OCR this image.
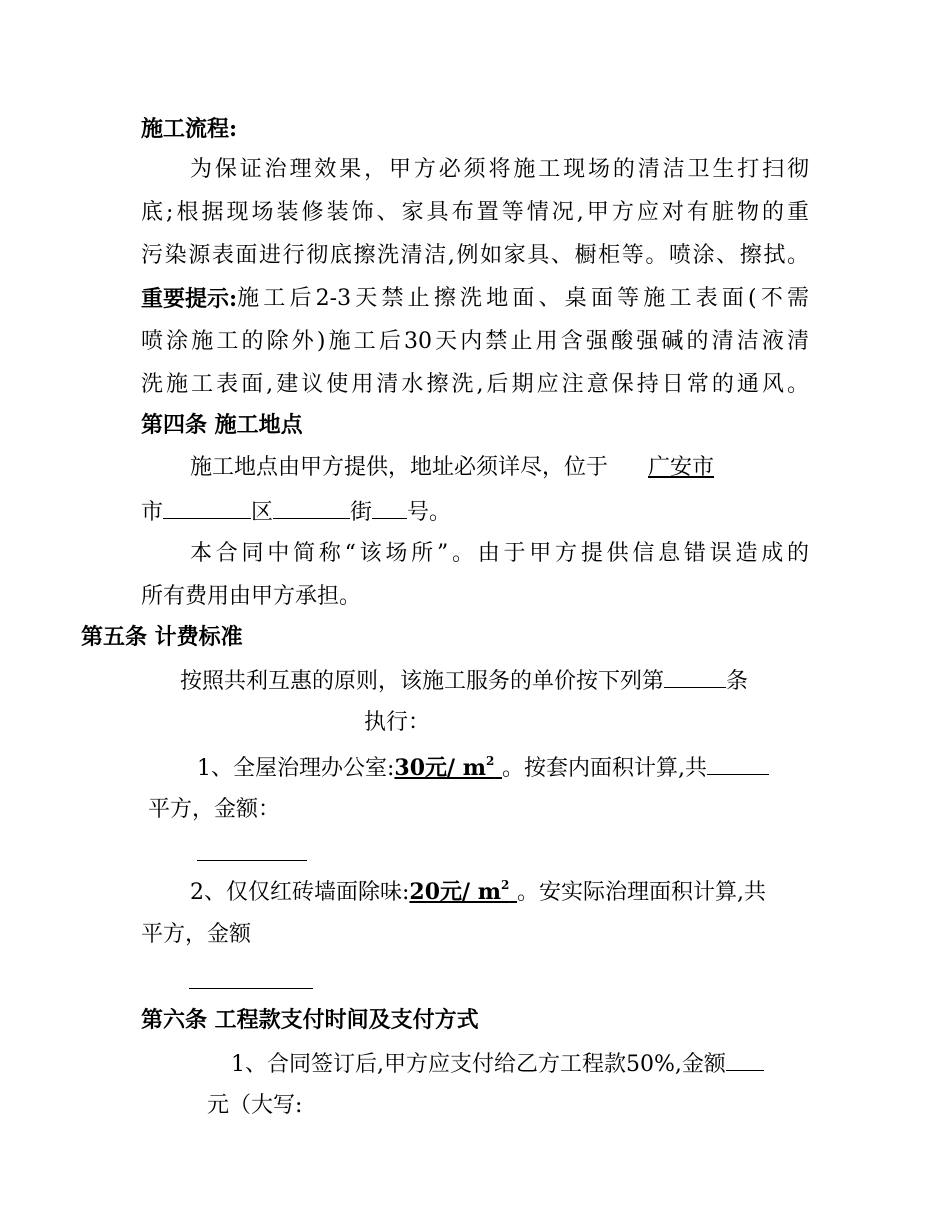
施工流程:
为保证治理效果，甲方必须将施工现场的清洁卫生打扫彻
底;根据现场装修装饰、家具布置等情况,甲方应对有脏物的重
污染源表面进行彻底擦洗清洁,例如家具、橱柜等。喷涂、擦拭。
重要提示: 施工后2-3天禁止擦洗地面、桌面等施工表面(不需
喷涂施工的除外)施工后30天内禁止用含强酸强碱的清洁液清
洗施工表面,建议使用清水擦洗,后期应注意保持日常的通风。
第四条 施工地点
施工地点由甲方提供，地址必须详尽，位于 广安市
市	区	街 号。
本合同中简称“该场所”。由于甲方提供信息错误造成的
所有费用由甲方承担。
第五条 计费标准
按照共利互惠的原则，该施工服务的单价按下列第	条
执行：
1、全屋治理办公室:30元/ $m^2$ 。按套内面积计算,共
平方，金额：
2、仅仅红砖墙面除味:20元/ $m^2$ 。安实际治理面积计算,共
平方，金额
第六条 工程款支付时间及支付方式
1、合同签订后,甲方应支付给乙方工程款50%,金额
元（大写:
